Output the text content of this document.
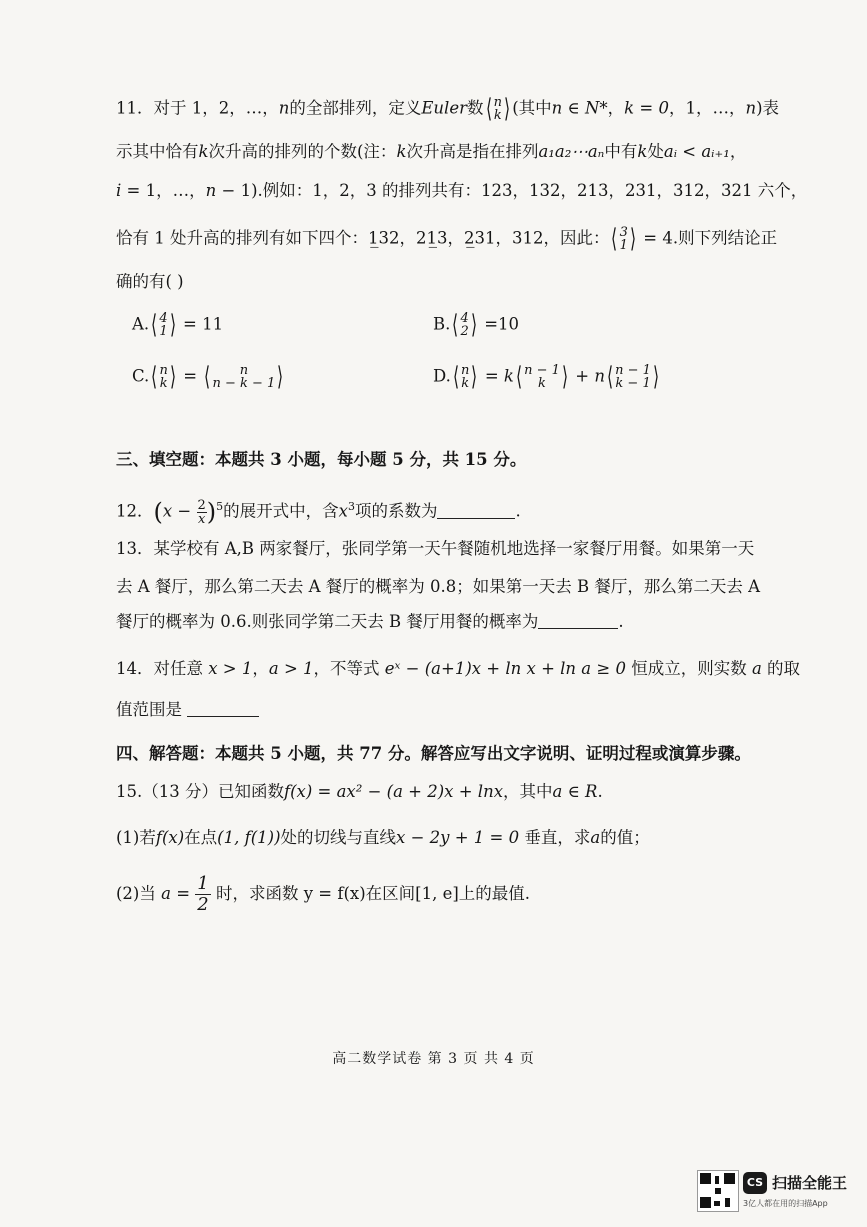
11．对于 1，2，…，n的全部排列，定义Euler数 ⟨ n
k ⟩ (其中n ∈ N*，k = 0，1，…，n)表
示其中恰有k次升高的排列的个数(注：k次升高是指在排列a₁a₂⋯aₙ中有k处aᵢ < aᵢ₊₁，
i = 1，…，n − 1).例如：1，2，3 的排列共有：123，132，213，231，312，321 六个，
恰有 1 处升高的排列有如下四个：1̲32，21̲3，2̲31，312，因此： ⟨ 3
1 ⟩ = 4.则下列结论正
确的有( )
A. ⟨ 4
1 ⟩ = 11	B. ⟨ 4
2 ⟩ =10
C. ⟨ n
k ⟩ = ⟨ n
n − k − 1 ⟩	D. ⟨ n
k ⟩ = k ⟨ n − 1
k ⟩ + n ⟨ n − 1
k − 1 ⟩
三、填空题：本题共 3 小题，每小题 5 分，共 15 分。
12．$(x - \frac{2}{x} )^5$的展开式中，含$x^3$项的系数为	.
13．某学校有 A,B 两家餐厅，张同学第一天午餐随机地选择一家餐厅用餐。如果第一天
去 A 餐厅，那么第二天去 A 餐厅的概率为 0.8；如果第一天去 B 餐厅，那么第二天去 A
餐厅的概率为 0.6.则张同学第二天去 B 餐厅用餐的概率为	.
14．对任意 x > 1，a > 1，不等式 eˣ − (a+1)x + ln x + ln a ≥ 0 恒成立，则实数 a 的取
值范围是
四、解答题：本题共 5 小题，共 77 分。解答应写出文字说明、证明过程或演算步骤。
15.（13 分）已知函数f(x) = ax² − (a + 2)x + lnx，其中a ∈ R.
(1)若f(x)在点(1, f(1))处的切线与直线x − 2y + 1 = 0 垂直，求a的值；
(2)当 $a = \frac{1}{2}$ 时，求函数 y = f(x)在区间[1, e]上的最值.
高二数学试卷 第 3 页 共 4 页
CS 扫描全能王
3亿人都在用的扫描App
